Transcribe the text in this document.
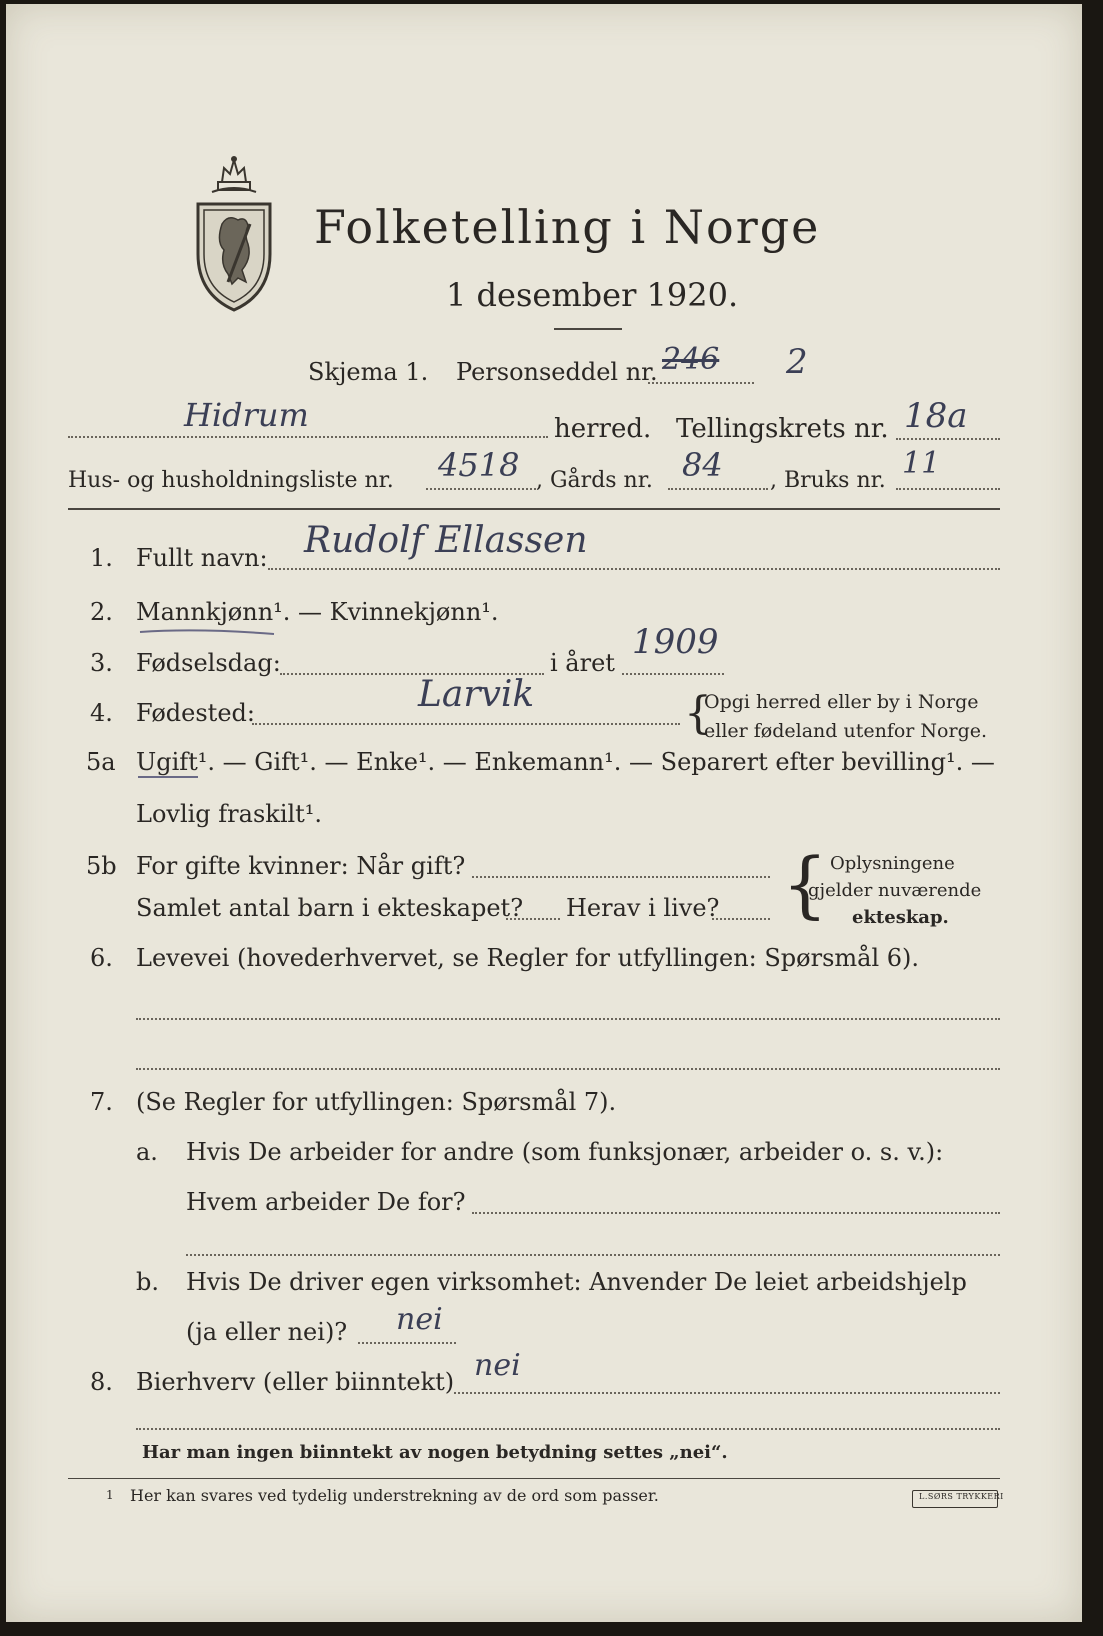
Folketelling i Norge
1 desember 1920.
Skjema 1. Personseddel nr. 246 2
Hidrum	herred. Tellingskrets nr. 18a
Hus- og husholdningsliste nr. 4518 , Gårds nr. 84 , Bruks nr. 11
1. Fullt navn: Rudolf Ellassen
2. Mannkjønn¹. — Kvinnekjønn¹.
3. Fødselsdag:	i året
1909
4. Fødested:	Larvik	{
Opgi herred eller by i Norge
eller fødeland utenfor Norge.
5a Ugift¹. — Gift¹. — Enke¹. — Enkemann¹. — Separert efter bevilling¹. —
Lovlig fraskilt¹.
5b For gifte kvinner: Når gift?
Samlet antal barn i ekteskapet? Herav i live? { Oplysningene
gjelder nuværende
ekteskap.
6. Levevei (hovederhvervet, se Regler for utfyllingen: Spørsmål 6).
7. (Se Regler for utfyllingen: Spørsmål 7).
a. Hvis De arbeider for andre (som funksjonær, arbeider o. s. v.):
Hvem arbeider De for?
b. Hvis De driver egen virksomhet: Anvender De leiet arbeidshjelp
(ja eller nei)? nei
8. Bierhverv (eller biinntekt) nei
Har man ingen biinntekt av nogen betydning settes „nei“.
1 Her kan svares ved tydelig understrekning av de ord som passer.	L.SØRS TRYKKERI
